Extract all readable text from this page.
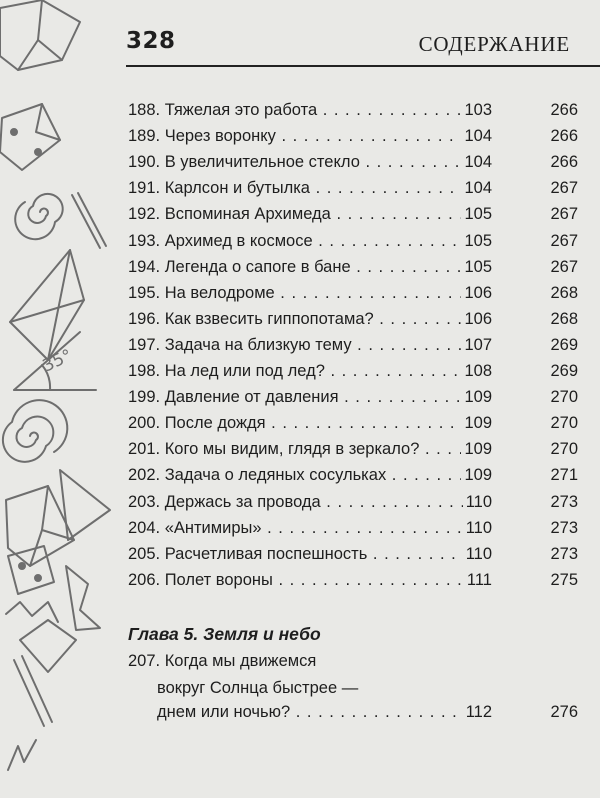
35°
328	СОДЕРЖАНИЕ
188. Тяжелая это работа . . .	103	266
189. Через воронку . . .	104	266
190. В увеличительное стекло . . .	104	266
191. Карлсон и бутылка . . .	104	267
192. Вспоминая Архимеда . . .	105	267
193. Архимед в космосе . . .	105	267
194. Легенда о сапоге в бане . . .	105	267
195. На велодроме . . .	106	268
196. Как взвесить гиппопотама? . . .	106	268
197. Задача на близкую тему . . .	107	269
198. На лед или под лед? . . .	108	269
199. Давление от давления . . .	109	270
200. После дождя . . .	109	270
201. Кого мы видим, глядя в зеркало? . . .	109	270
202. Задача о ледяных сосульках . . .	109	271
203. Держась за провода . . .	110	273
204. «Антимиры» . . .	110	273
205. Расчетливая поспешность . . .	110	273
206. Полет вороны . . .	111	275
Глава 5. Земля и небо
207. Когда мы движемся
вокруг Солнца быстрее —
днем или ночью? . . .	112	276
